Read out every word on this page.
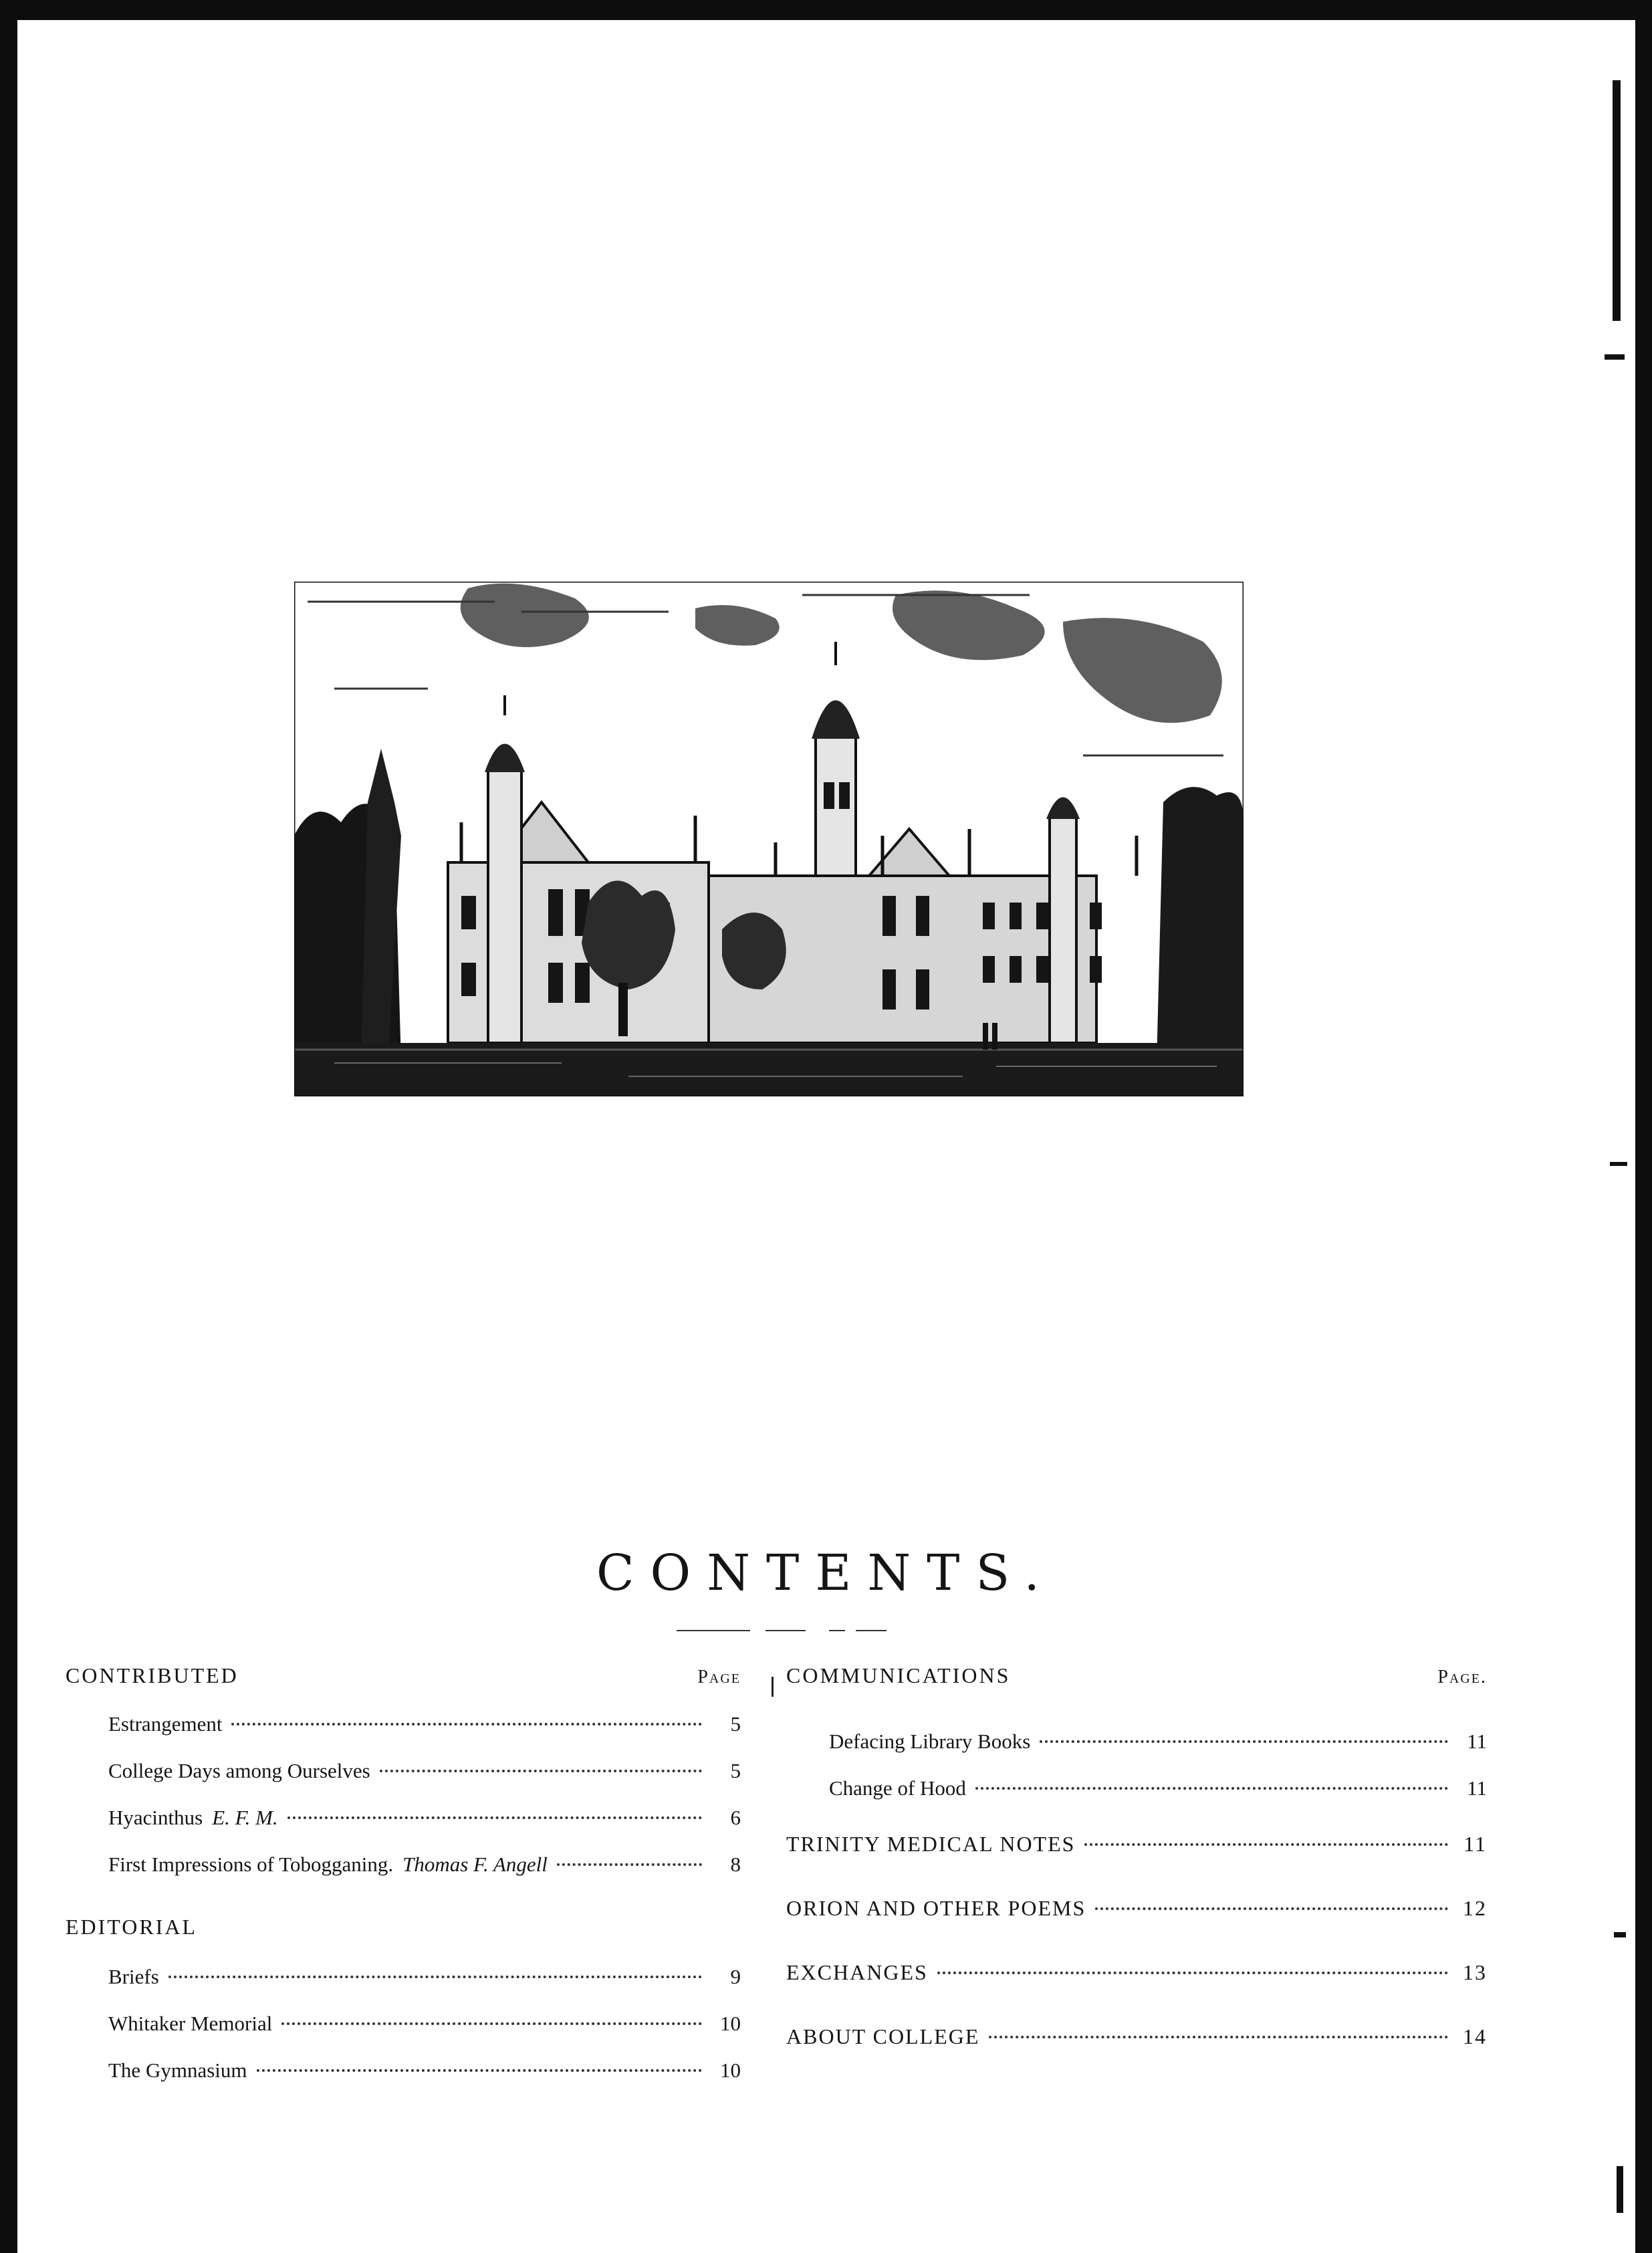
CONTENTS.
CONTRIBUTED	Page
Estrangement	5
College Days among Ourselves	5
Hyacinthus E. F. M.	6
First Impressions of Tobogganing. Thomas F. Angell	8
EDITORIAL
Briefs	9
Whitaker Memorial	10
The Gymnasium	10
COMMUNICATIONS	Page.
Defacing Library Books	11
Change of Hood	11
TRINITY MEDICAL NOTES	11
ORION AND OTHER POEMS	12
EXCHANGES	13
ABOUT COLLEGE	14
